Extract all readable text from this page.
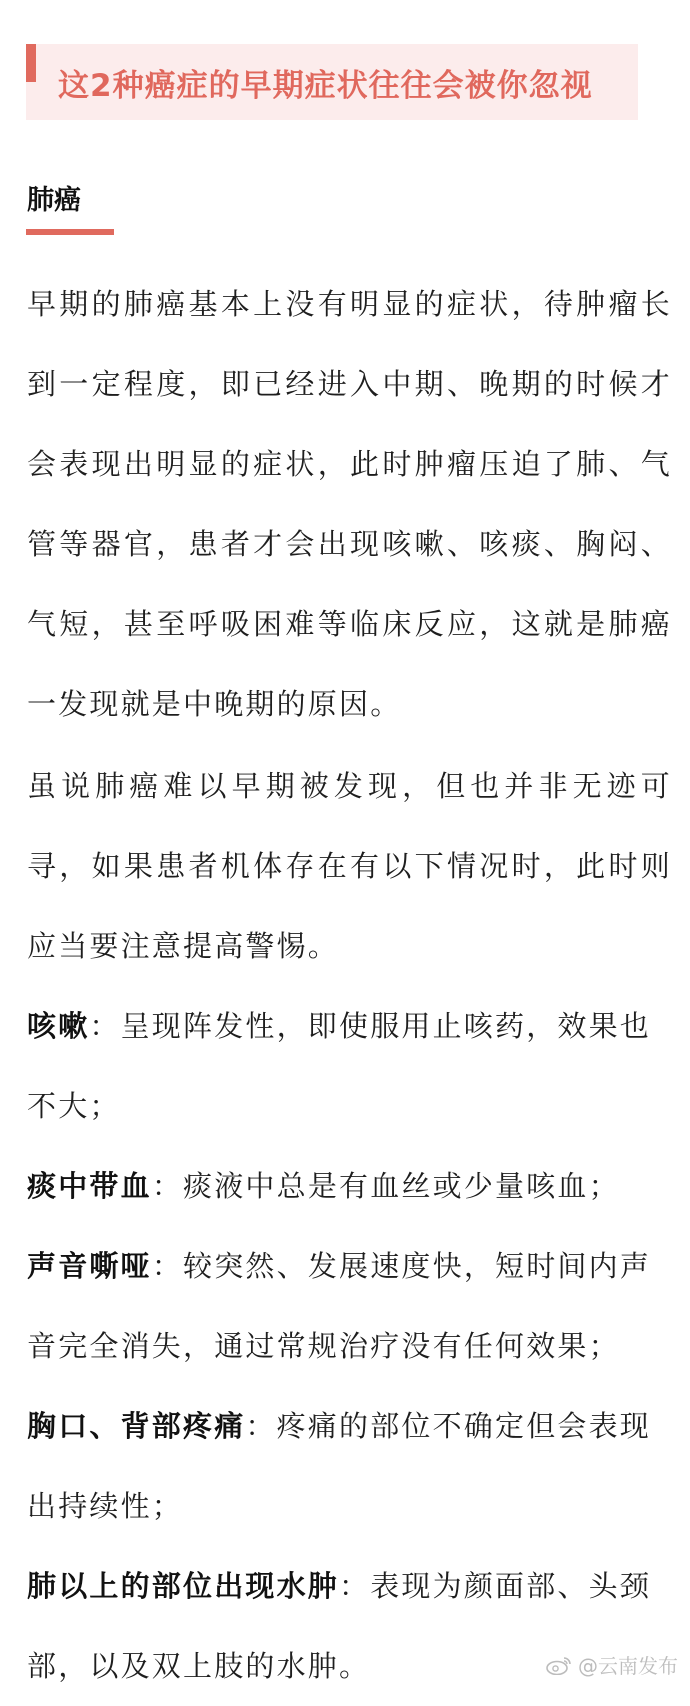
这2种癌症的早期症状往往会被你忽视
肺癌

早期的肺癌基本上没有明显的症状，待肿瘤长到一定程度，即已经进入中期、晚期的时候才会表现出明显的症状，此时肿瘤压迫了肺、气管等器官，患者才会出现咳嗽、咳痰、胸闷、气短，甚至呼吸困难等临床反应，这就是肺癌一发现就是中晚期的原因。

虽说肺癌难以早期被发现，但也并非无迹可寻，如果患者机体存在有以下情况时，此时则应当要注意提高警惕。

咳嗽：呈现阵发性，即使服用止咳药，效果也不大；

痰中带血：痰液中总是有血丝或少量咳血；

声音嘶哑：较突然、发展速度快，短时间内声音完全消失，通过常规治疗没有任何效果；

胸口、背部疼痛：疼痛的部位不确定但会表现出持续性；

肺以上的部位出现水肿：表现为颜面部、头颈部，以及双上肢的水肿。	@云南发布
